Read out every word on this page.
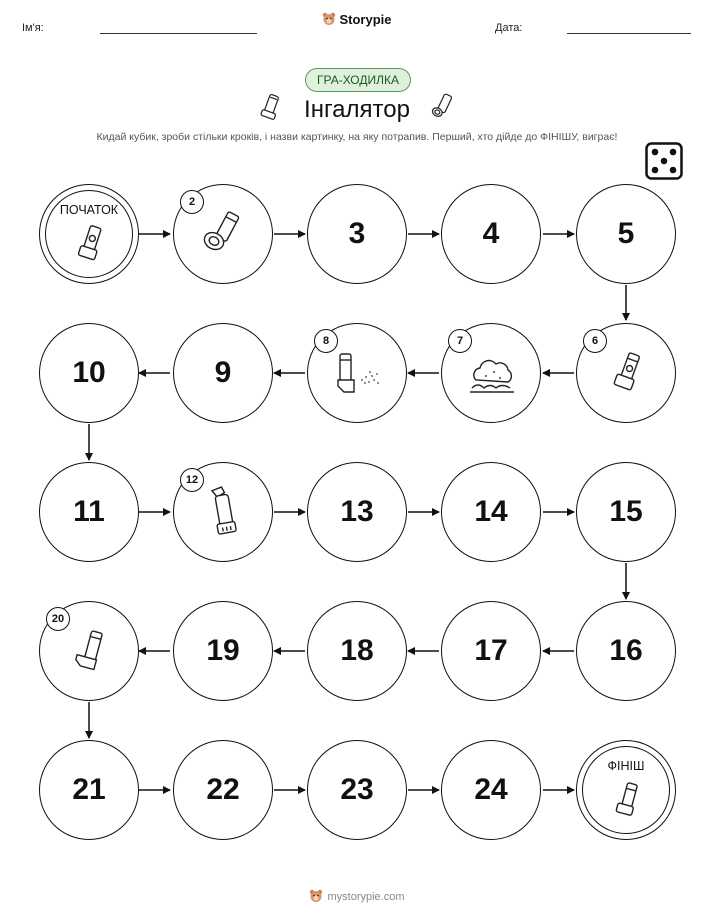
Ім'я:
Storypie
Дата:
ГРА-ХОДИЛКА
Інгалятор
Кидай кубик, зроби стільки кроків, і назви картинку, на яку потрапив. Перший, хто дійде до ФІНІШУ, виграє!
ПОЧАТОК
2
3	4	5
10	9
8	7	6
11
12
13	14	15
20
19	18	17	16
21	22	23	24
ФІНІШ
mystorypie.com
